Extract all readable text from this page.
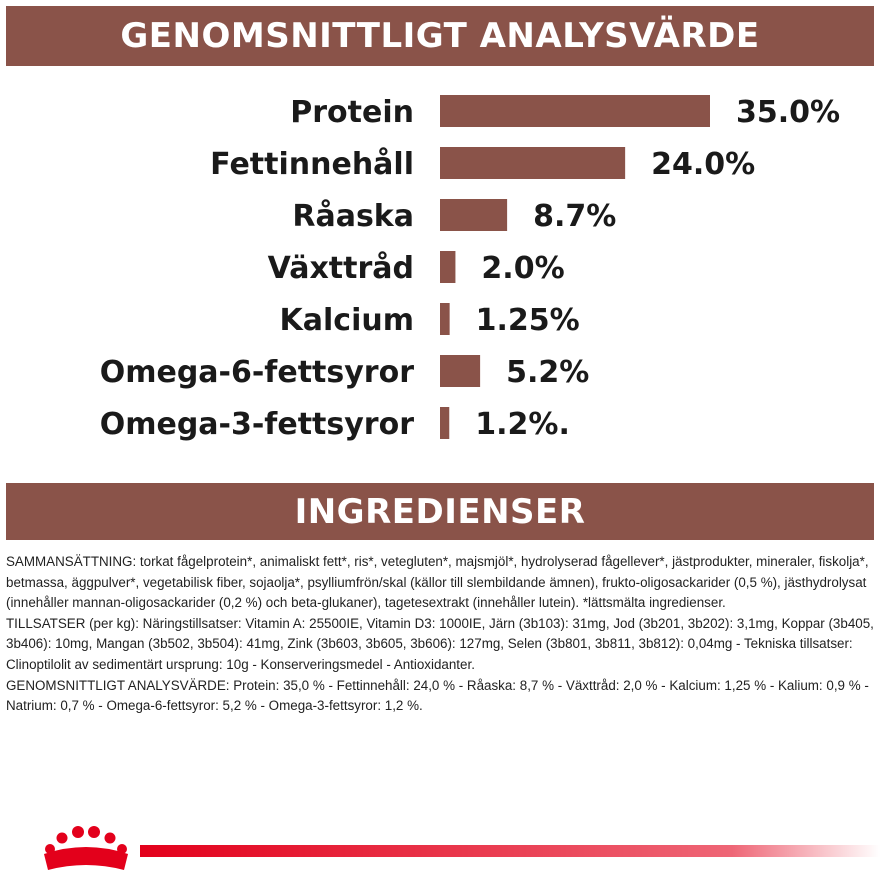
GENOMSNITTLIGT ANALYSVÄRDE
Protein	35.0%
Fettinnehåll	24.0%
Råaska	8.7%
Växttråd 2.0%
Kalcium 1.25%
Omega-6-fettsyror	5.2%
Omega-3-fettsyror 1.2%.
INGREDIENSER

SAMMANSÄTTNING: torkat fågelprotein*, animaliskt fett*, ris*, vetegluten*, majsmjöl*, hydrolyserad fågellever*, jästprodukter, mineraler, fiskolja*, betmassa, äggpulver*, vegetabilisk fiber, sojaolja*, psylliumfrön/skal (källor till slembildande ämnen), frukto-oligosackarider (0,5 %), jästhydrolysat (innehåller mannan-oligosackarider (0,2 %) och beta-glukaner), tagetesextrakt (innehåller lutein). *lättsmälta ingredienser.

TILLSATSER (per kg): Näringstillsatser: Vitamin A: 25500IE, Vitamin D3: 1000IE, Järn (3b103): 31mg, Jod (3b201, 3b202): 3,1mg, Koppar (3b405, 3b406): 10mg, Mangan (3b502, 3b504): 41mg, Zink (3b603, 3b605, 3b606): 127mg, Selen (3b801, 3b811, 3b812): 0,04mg - Tekniska tillsatser: Clinoptilolit av sedimentärt ursprung: 10g - Konserveringsmedel - Antioxidanter.

GENOMSNITTLIGT ANALYSVÄRDE: Protein: 35,0 % - Fettinnehåll: 24,0 % - Råaska: 8,7 % - Växttråd: 2,0 % - Kalcium: 1,25 % - Kalium: 0,9 % - Natrium: 0,7 % - Omega-6-fettsyror: 5,2 % - Omega-3-fettsyror: 1,2 %.
